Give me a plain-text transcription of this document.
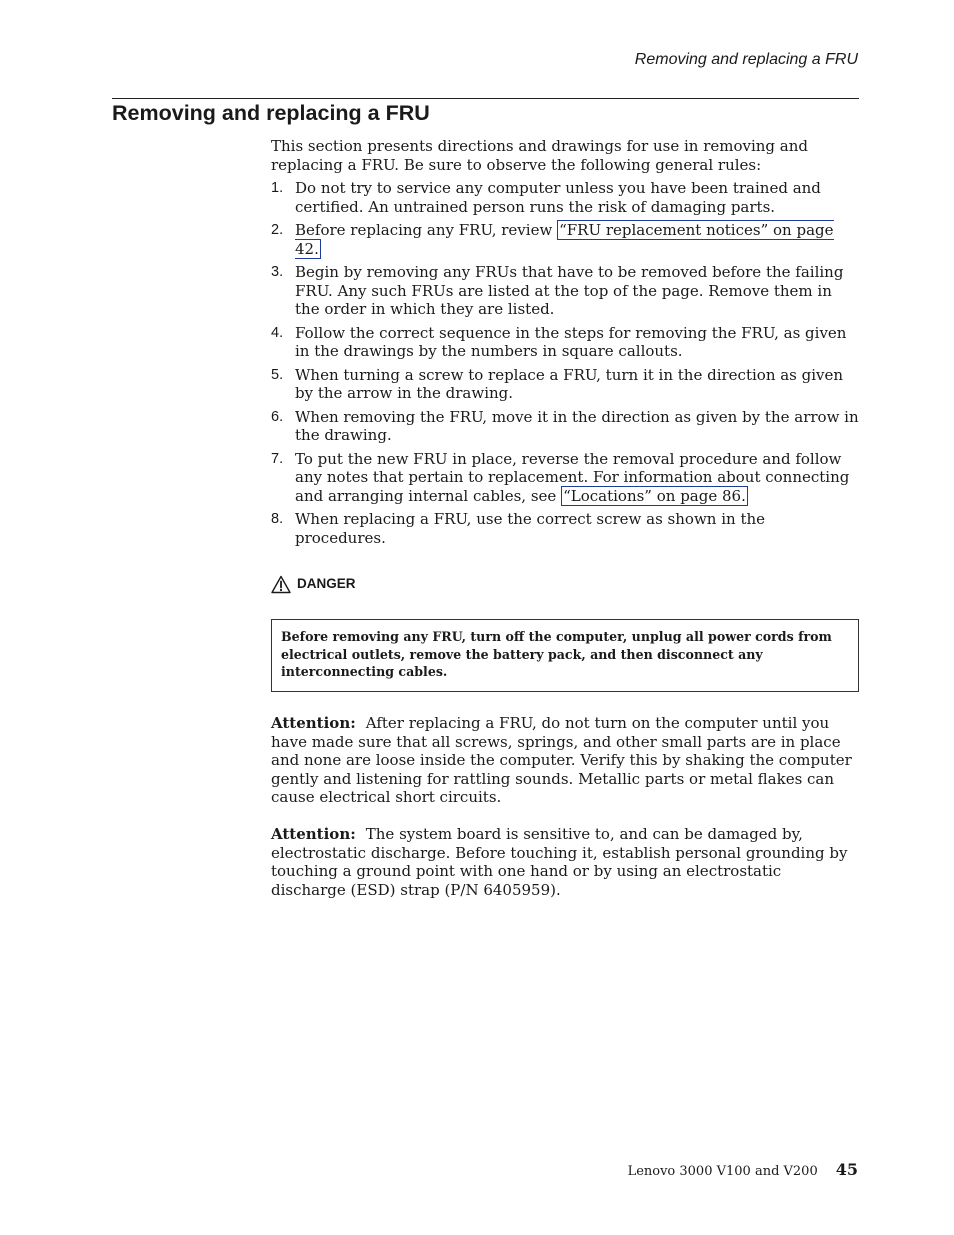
Removing and replacing a FRU
Removing and replacing a FRU

This section presents directions and drawings for use in removing and replacing a FRU. Be sure to observe the following general rules:

1. Do not try to service any computer unless you have been trained and certified. An untrained person runs the risk of damaging parts.
2. Before replacing any FRU, review “FRU replacement notices” on page 42.
3. Begin by removing any FRUs that have to be removed before the failing FRU. Any such FRUs are listed at the top of the page. Remove them in the order in which they are listed.
4. Follow the correct sequence in the steps for removing the FRU, as given in the drawings by the numbers in square callouts.
5. When turning a screw to replace a FRU, turn it in the direction as given by the arrow in the drawing.
6. When removing the FRU, move it in the direction as given by the arrow in the drawing.
7. To put the new FRU in place, reverse the removal procedure and follow any notes that pertain to replacement. For information about connecting and arranging internal cables, see “Locations” on page 86.
8. When replacing a FRU, use the correct screw as shown in the procedures.
DANGER
Before removing any FRU, turn off the computer, unplug all power cords from electrical outlets, remove the battery pack, and then disconnect any interconnecting cables.

Attention: After replacing a FRU, do not turn on the computer until you have made sure that all screws, springs, and other small parts are in place and none are loose inside the computer. Verify this by shaking the computer gently and listening for rattling sounds. Metallic parts or metal flakes can cause electrical short circuits.

Attention: The system board is sensitive to, and can be damaged by, electrostatic discharge. Before touching it, establish personal grounding by touching a ground point with one hand or by using an electrostatic discharge (ESD) strap (P/N 6405959).

Lenovo 3000 V100 and V200 45
